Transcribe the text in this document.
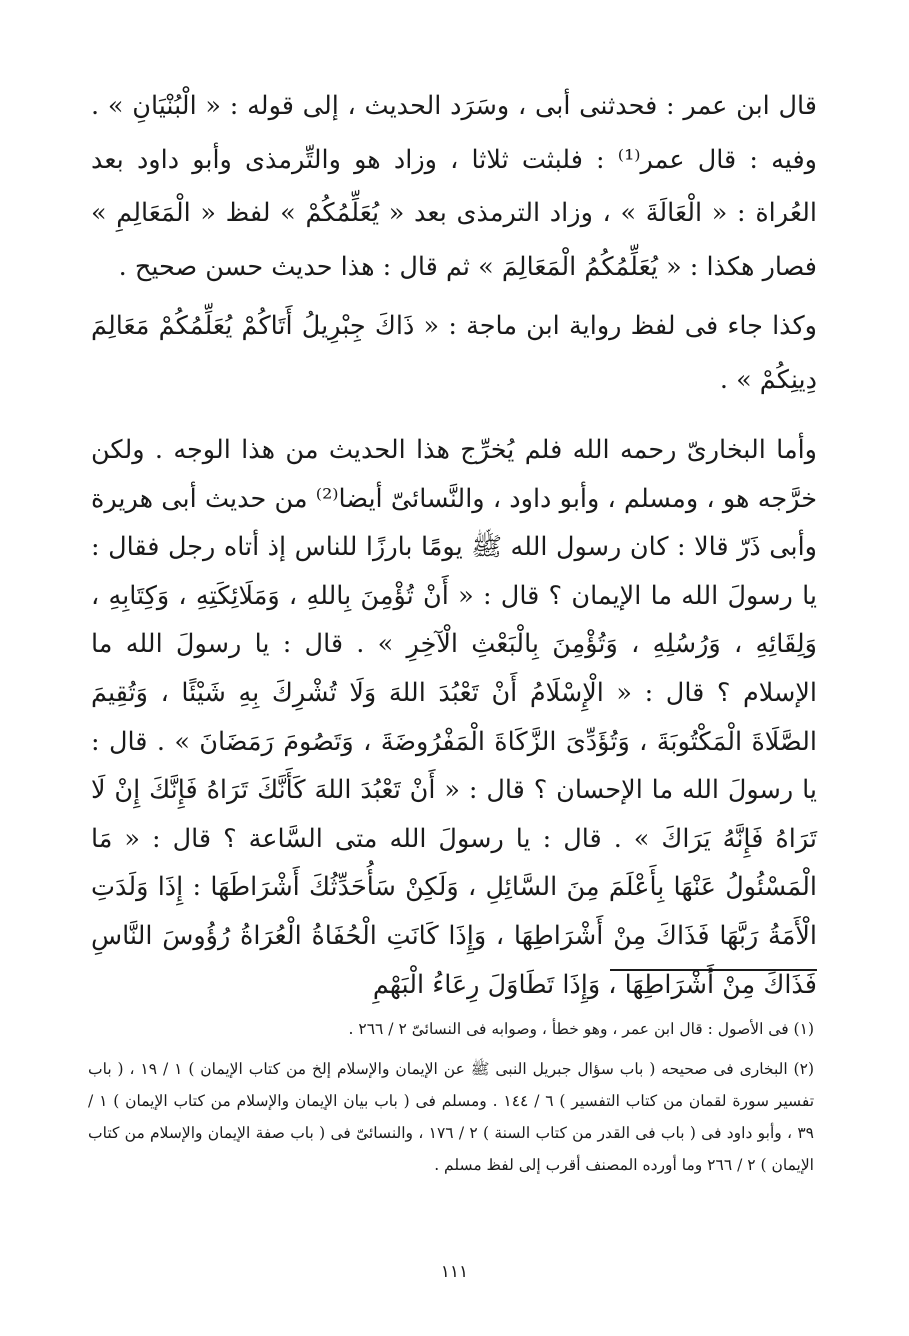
قال ابن عمر : فحدثنى أبى ، وسَرَد الحديث ، إلى قوله : « الْبُنْيَانِ » . وفيه : قال عمر⁽¹⁾ : فلبثت ثلاثا ، وزاد هو والتِّرمذى وأبو داود بعد العُراة : « الْعَالَةَ » ، وزاد الترمذى بعد « يُعَلِّمُكُمْ » لفظ « الْمَعَالِمِ » فصار هكذا : « يُعَلِّمُكُمُ الْمَعَالِمَ » ثم قال : هذا حديث حسن صحيح .

وكذا جاء فى لفظ رواية ابن ماجة : « ذَاكَ جِبْرِيلُ أَتَاكُمْ يُعَلِّمُكُمْ مَعَالِمَ دِينِكُمْ » .

وأما البخارىّ رحمه الله فلم يُخرِّج هذا الحديث من هذا الوجه . ولكن خرَّجه هو ، ومسلم ، وأبو داود ، والنَّسائىّ أيضا⁽²⁾ من حديث أبى هريرة وأبى ذَرّ قالا : كان رسول الله ﷺ يومًا بارزًا للناس إذ أتاه رجل فقال : يا رسولَ الله ما الإيمان ؟ قال : « أَنْ تُؤْمِنَ بِاللهِ ، وَمَلَائِكَتِهِ ، وَكِتَابِهِ ، وَلِقَائِهِ ، وَرُسُلِهِ ، وَتُؤْمِنَ بِالْبَعْثِ الْآخِرِ » . قال : يا رسولَ الله ما الإسلام ؟ قال : « الْإِسْلَامُ أَنْ تَعْبُدَ اللهَ وَلَا تُشْرِكَ بِهِ شَيْئًا ، وَتُقِيمَ الصَّلَاةَ الْمَكْتُوبَةَ ، وَتُؤَدِّىَ الزَّكَاةَ الْمَفْرُوضَةَ ، وَتَصُومَ رَمَضَانَ » . قال : يا رسولَ الله ما الإحسان ؟ قال : « أَنْ تَعْبُدَ اللهَ كَأَنَّكَ تَرَاهُ فَإِنَّكَ إِنْ لَا تَرَاهُ فَإِنَّهُ يَرَاكَ » . قال : يا رسولَ الله متى السَّاعة ؟ قال : « مَا الْمَسْئُولُ عَنْهَا بِأَعْلَمَ مِنَ السَّائِلِ ، وَلَكِنْ سَأُحَدِّثُكَ أَشْرَاطَهَا : إِذَا وَلَدَتِ الْأَمَةُ رَبَّهَا فَذَاكَ مِنْ أَشْرَاطِهَا ، وَإِذَا كَانَتِ الْحُفَاةُ الْعُرَاةُ رُؤُوسَ النَّاسِ فَذَاكَ مِنْ أَشْرَاطِهَا ، وَإِذَا تَطَاوَلَ رِعَاءُ الْبَهْمِ

(١) فى الأصول : قال ابن عمر ، وهو خطأ ، وصوابه فى النسائىّ ٢ / ٢٦٦ .

(٢) البخارى فى صحيحه ( باب سؤال جبريل النبى ﷺ عن الإيمان والإسلام إلخ من كتاب الإيمان ) ١ / ١٩ ، ( باب تفسير سورة لقمان من كتاب التفسير ) ٦ / ١٤٤ . ومسلم فى ( باب بيان الإيمان والإسلام من كتاب الإيمان ) ١ / ٣٩ ، وأبو داود فى ( باب فى القدر من كتاب السنة ) ٢ / ١٧٦ ، والنسائىّ فى ( باب صفة الإيمان والإسلام من كتاب الإيمان ) ٢ / ٢٦٦ وما أورده المصنف أقرب إلى لفظ مسلم .

١١١
